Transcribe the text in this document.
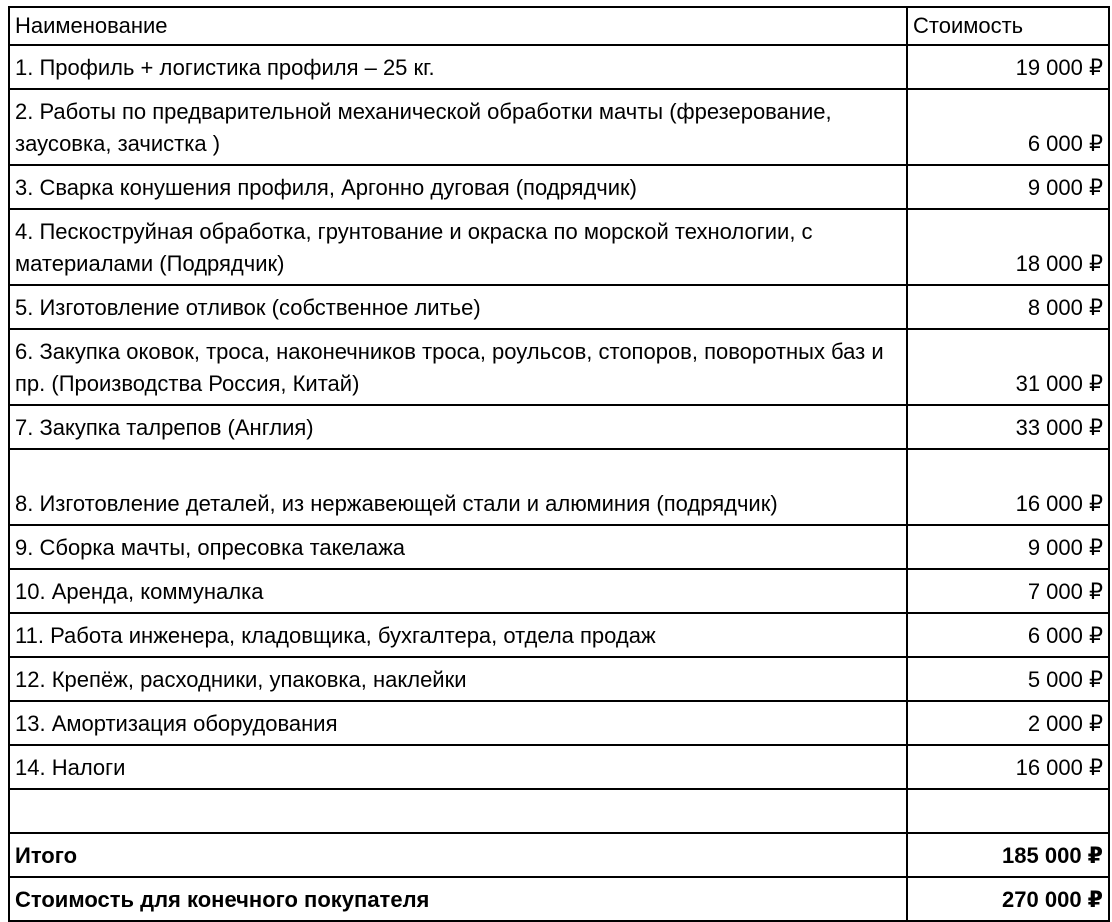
Наименование	Стоимость
1. Профиль + логистика профиля – 25 кг.	19 000 ₽
2. Работы по предварительной механической обработки мачты (фрезерование, заусовка, зачистка )	6 000 ₽
3. Сварка конушения профиля, Аргонно дуговая (подрядчик)	9 000 ₽
4. Пескоструйная обработка, грунтование и окраска по морской технологии, с материалами (Подрядчик)	18 000 ₽
5. Изготовление отливок (собственное литье)	8 000 ₽
6. Закупка оковок, троса, наконечников троса, роульсов, стопоров, поворотных баз и пр. (Производства Россия, Китай)	31 000 ₽
7. Закупка талрепов (Англия)	33 000 ₽
8. Изготовление деталей, из нержавеющей стали и алюминия (подрядчик)	16 000 ₽
9. Сборка мачты, опресовка такелажа	9 000 ₽
10. Аренда, коммуналка	7 000 ₽
11. Работа инженера, кладовщика, бухгалтера, отдела продаж	6 000 ₽
12. Крепёж, расходники, упаковка, наклейки	5 000 ₽
13. Амортизация оборудования	2 000 ₽
14. Налоги	16 000 ₽

Итого	185 000 ₽
Стоимость для конечного покупателя	270 000 ₽
